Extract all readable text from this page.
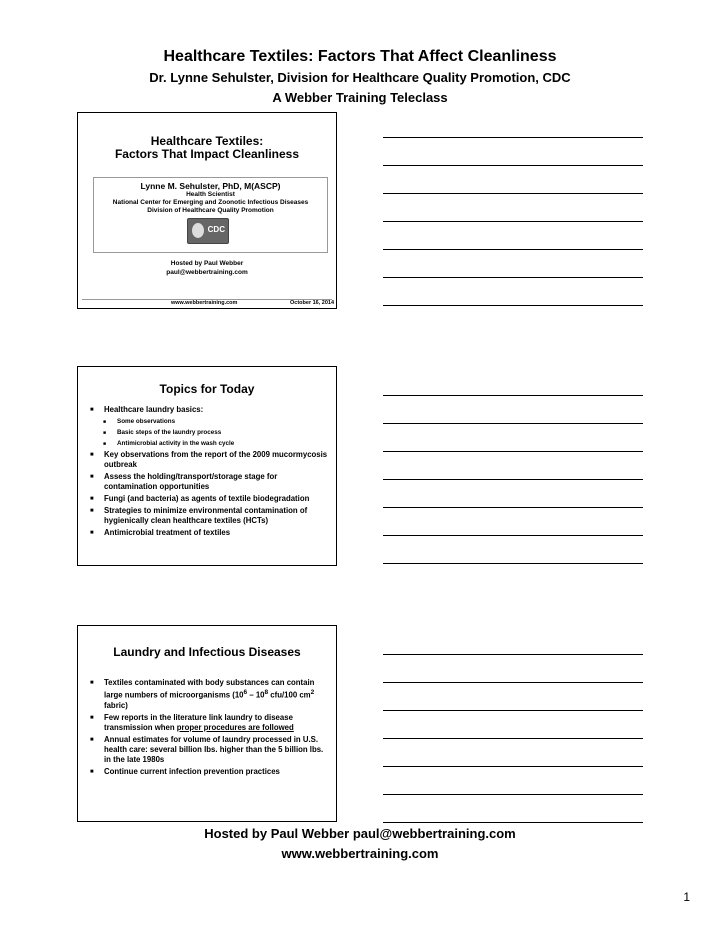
Healthcare Textiles: Factors That Affect Cleanliness
Dr. Lynne Sehulster, Division for Healthcare Quality Promotion, CDC
A Webber Training Teleclass
Healthcare Textiles:
Factors That Impact Cleanliness
Lynne M. Sehulster, PhD, M(ASCP)
Health Scientist
National Center for Emerging and Zoonotic Infectious Diseases
Division of Healthcare Quality Promotion
CDC
Hosted by Paul Webber
paul@webbertraining.com
www.webbertraining.com	October 16, 2014
Topics for Today
■ Healthcare laundry basics:
■ Some observations
■ Basic steps of the laundry process
■ Antimicrobial activity in the wash cycle
■ Key observations from the report of the 2009 mucormycosis outbreak
■ Assess the holding/transport/storage stage for contamination opportunities
■ Fungi (and bacteria) as agents of textile biodegradation
■ Strategies to minimize environmental contamination of hygienically clean healthcare textiles (HCTs)
■ Antimicrobial treatment of textiles
Laundry and Infectious Diseases
■ Textiles contaminated with body substances can contain large numbers of microorganisms ($10^6 - 10^8$ cfu/100 $cm^2$ fabric)
■ Few reports in the literature link laundry to disease transmission when proper procedures are followed
■ Annual estimates for volume of laundry processed in U.S. health care: several billion lbs. higher than the 5 billion lbs. in the late 1980s
■ Continue current infection prevention practices
Hosted by Paul Webber paul@webbertraining.com
www.webbertraining.com
1
